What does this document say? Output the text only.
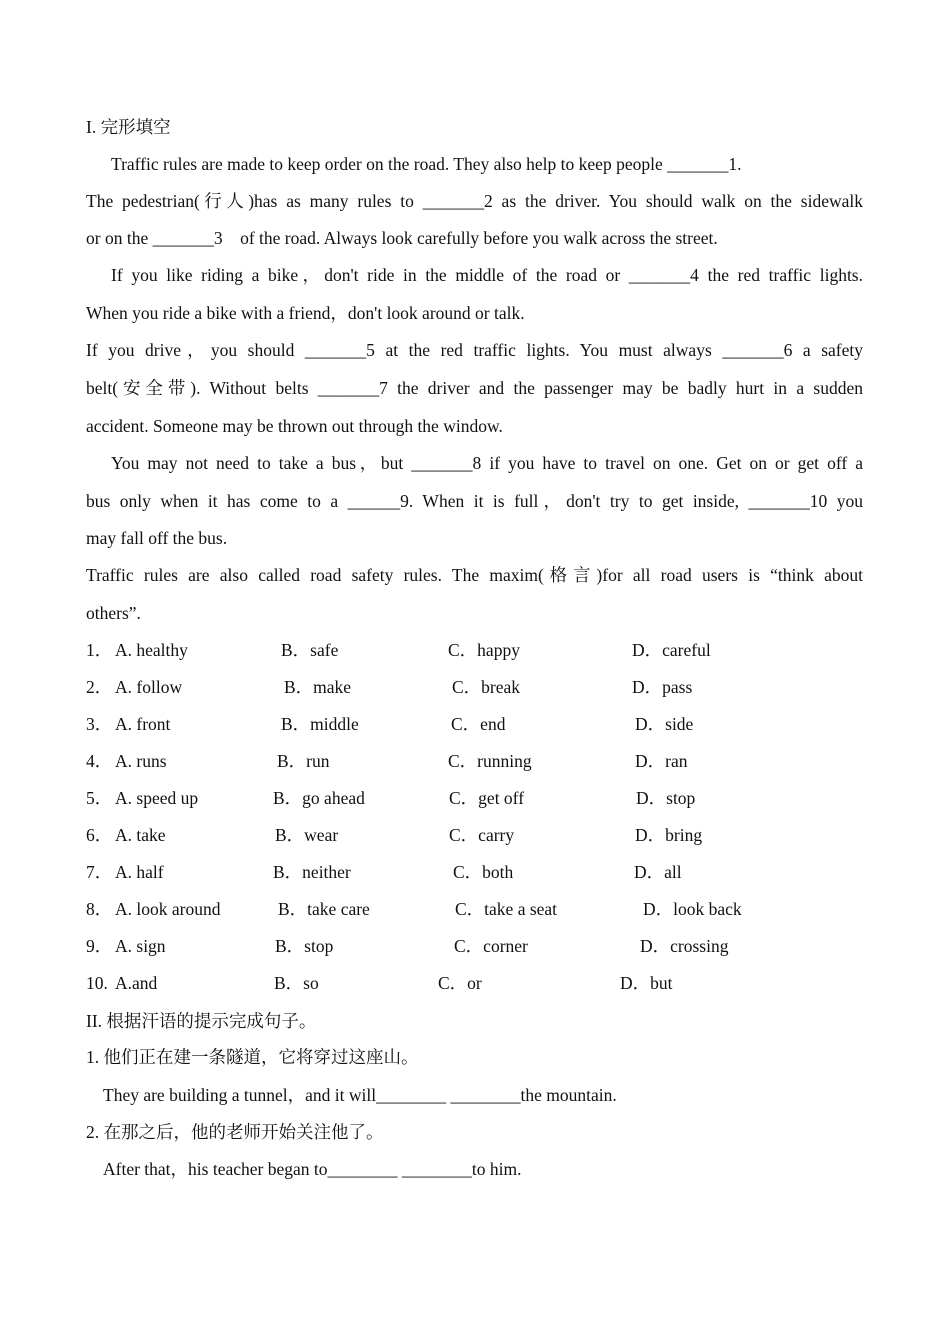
I. 完形填空
Traffic rules are made to keep order on the road. They also help to keep people _______1.
The pedestrian(行人)has as many rules to _______2 as the driver. You should walk on the sidewalk
or on the _______3    of the road. Always look carefully before you walk across the street.
If you like riding a bike，don't ride in the middle of the road or _______4 the red traffic lights.
When you ride a bike with a friend，don't look around or talk.
If you drive，you should _______5 at the red traffic lights. You must always _______6 a safety
belt(安全带). Without belts _______7 the driver and the passenger may be badly hurt in a sudden
accident. Someone may be thrown out through the window.
You may not need to take a bus，but _______8 if you have to travel on one. Get on or get off a
bus only when it has come to a ______9. When it is full，don't try to get inside, _______10 you
may fall off the bus.
Traffic rules are also called road safety rules. The maxim(格言)for all road users is “think about
others”.
1． A. healthy	B．safe	C．happy	D．careful
2． A. follow	B．make	C．break	D．pass
3． A. front	B．middle	C．end	D．side
4． A. runs	B．run	C．running	D．ran
5． A. speed up	B．go ahead	C．get off	D．stop
6． A. take	B．wear	C．carry	D．bring
7． A. half	B．neither	C．both	D．all
8． A. look around	B．take care	C．take a seat	D．look back
9． A. sign	B．stop	C．corner	D．crossing
10. A.and	B．so	C．or	D．but
II. 根据汗语的提示完成句子。
1. 他们正在建一条隧道，它将穿过这座山。
They are building a tunnel，and it will________ ________the mountain.
2. 在那之后，他的老师开始关注他了。
After that，his teacher began to________ ________to him.
